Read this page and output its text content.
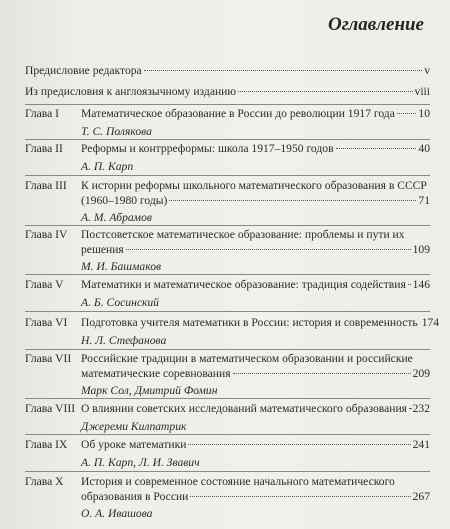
Оглавление
Предисловие редактора	v
Из предисловия к англоязычному изданию	viii
Глава I	Математическое образование в России до революции 1917 года 10
Т. С. Полякова
Глава II	Реформы и контрреформы: школа 1917–1950 годов	40
А. П. Карп
Глава III	К истории реформы школьного математического образования в СССР
(1960–1980 годы)	71
А. М. Абрамов
Глава IV	Постсоветское математическое образование: проблемы и пути их
решения	109
М. И. Башмаков
Глава V	Математики и математическое образование: традиция содействия 146
А. Б. Сосинский
Глава VI	Подготовка учителя математики в России: история и современность 174
Н. Л. Стефанова
Глава VII Российские традиции в математическом образовании и российские
математические соревнования	209
Марк Сол, Дмитрий Фомин
Глава VIII О влиянии советских исследований математического образования 232
Джереми Килпатрик
Глава IX	Об уроке математики	241
А. П. Карп, Л. И. Звавич
Глава X	История и современное состояние начального математического
образования в России	267
О. А. Ивашова
